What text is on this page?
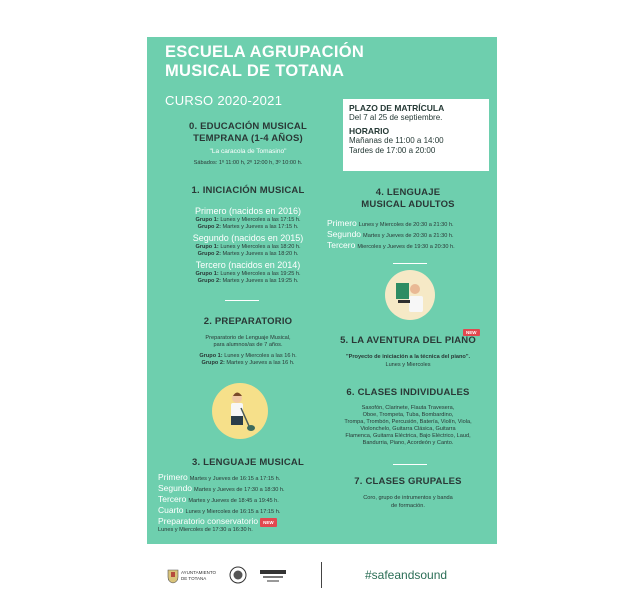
ESCUELA AGRUPACIÓN
MUSICAL DE TOTANA
CURSO 2020-2021	PLAZO DE MATRÍCULA
Del 7 al 25 de septiembre.
HORARIO
Mañanas de 11:00 a 14:00
Tardes de 17:00 a 20:00
0. EDUCACIÓN MUSICAL
TEMPRANA (1-4 AÑOS)
"La caracola de Tomasino"
Sábados: 1º 11:00 h, 2º 12:00 h, 3º 10:00 h.
1. INICIACIÓN MUSICAL
Primero (nacidos en 2016)
Grupo 1: Lunes y Miercoles a las 17:15 h.
Grupo 2: Martes y Jueves a las 17:15 h.
Segundo (nacidos en 2015)
Grupo 1: Lunes y Miercoles a las 18:20 h.
Grupo 2: Martes y Jueves a las 18:20 h.
Tercero (nacidos en 2014)
Grupo 1: Lunes y Miercoles a las 19:25 h.
Grupo 2: Martes y Jueves a las 19:25 h.
2. PREPARATORIO
Preparatorio de Lenguaje Musical,
para alumnos/as de 7 años.
Grupo 1: Lunes y Miercoles a las 16 h.
Grupo 2: Martes y Jueves a las 16 h.
3. LENGUAJE MUSICAL
Primero Martes y Jueves de 16:15 a 17:15 h.
Segundo Martes y Jueves de 17:30 a 18:30 h.
Tercero Martes y Jueves de 18:45 a 19:45 h.
Cuarto Lunes y Miercoles de 16:15 a 17:15 h.
Preparatorio conservatorio NEW
Lunes y Miercoles de 17:30 a 16:30 h.
4. LENGUAJE
MUSICAL ADULTOS
Primero Lunes y Miercoles de 20:30 a 21:30 h.
Segundo Martes y Jueves de 20:30 a 21:30 h.
Tercero Miercoles y Jueves de 19:30 a 20:30 h.
NEW
5. LA AVENTURA DEL PIANO
"Proyecto de iniciación a la técnica del piano".
Lunes y Miercoles
6. CLASES INDIVIDUALES
Saxofón, Clarinete, Flauta Travesera,
Oboe, Trompeta, Tuba, Bombardino,
Trompa, Trombón, Percusión, Batería, Violín, Viola,
Violonchelo, Guitarra Clásica, Guitarra
Flamenca, Guitarra Eléctrica, Bajo Eléctrico, Laud,
Bandurria, Piano, Acordeón y Canto.
7. CLASES GRUPALES
Coro, grupo de intrumentos y banda
de formación.
AYUNTAMIENTO
DE TOTANA	#safeandsound
